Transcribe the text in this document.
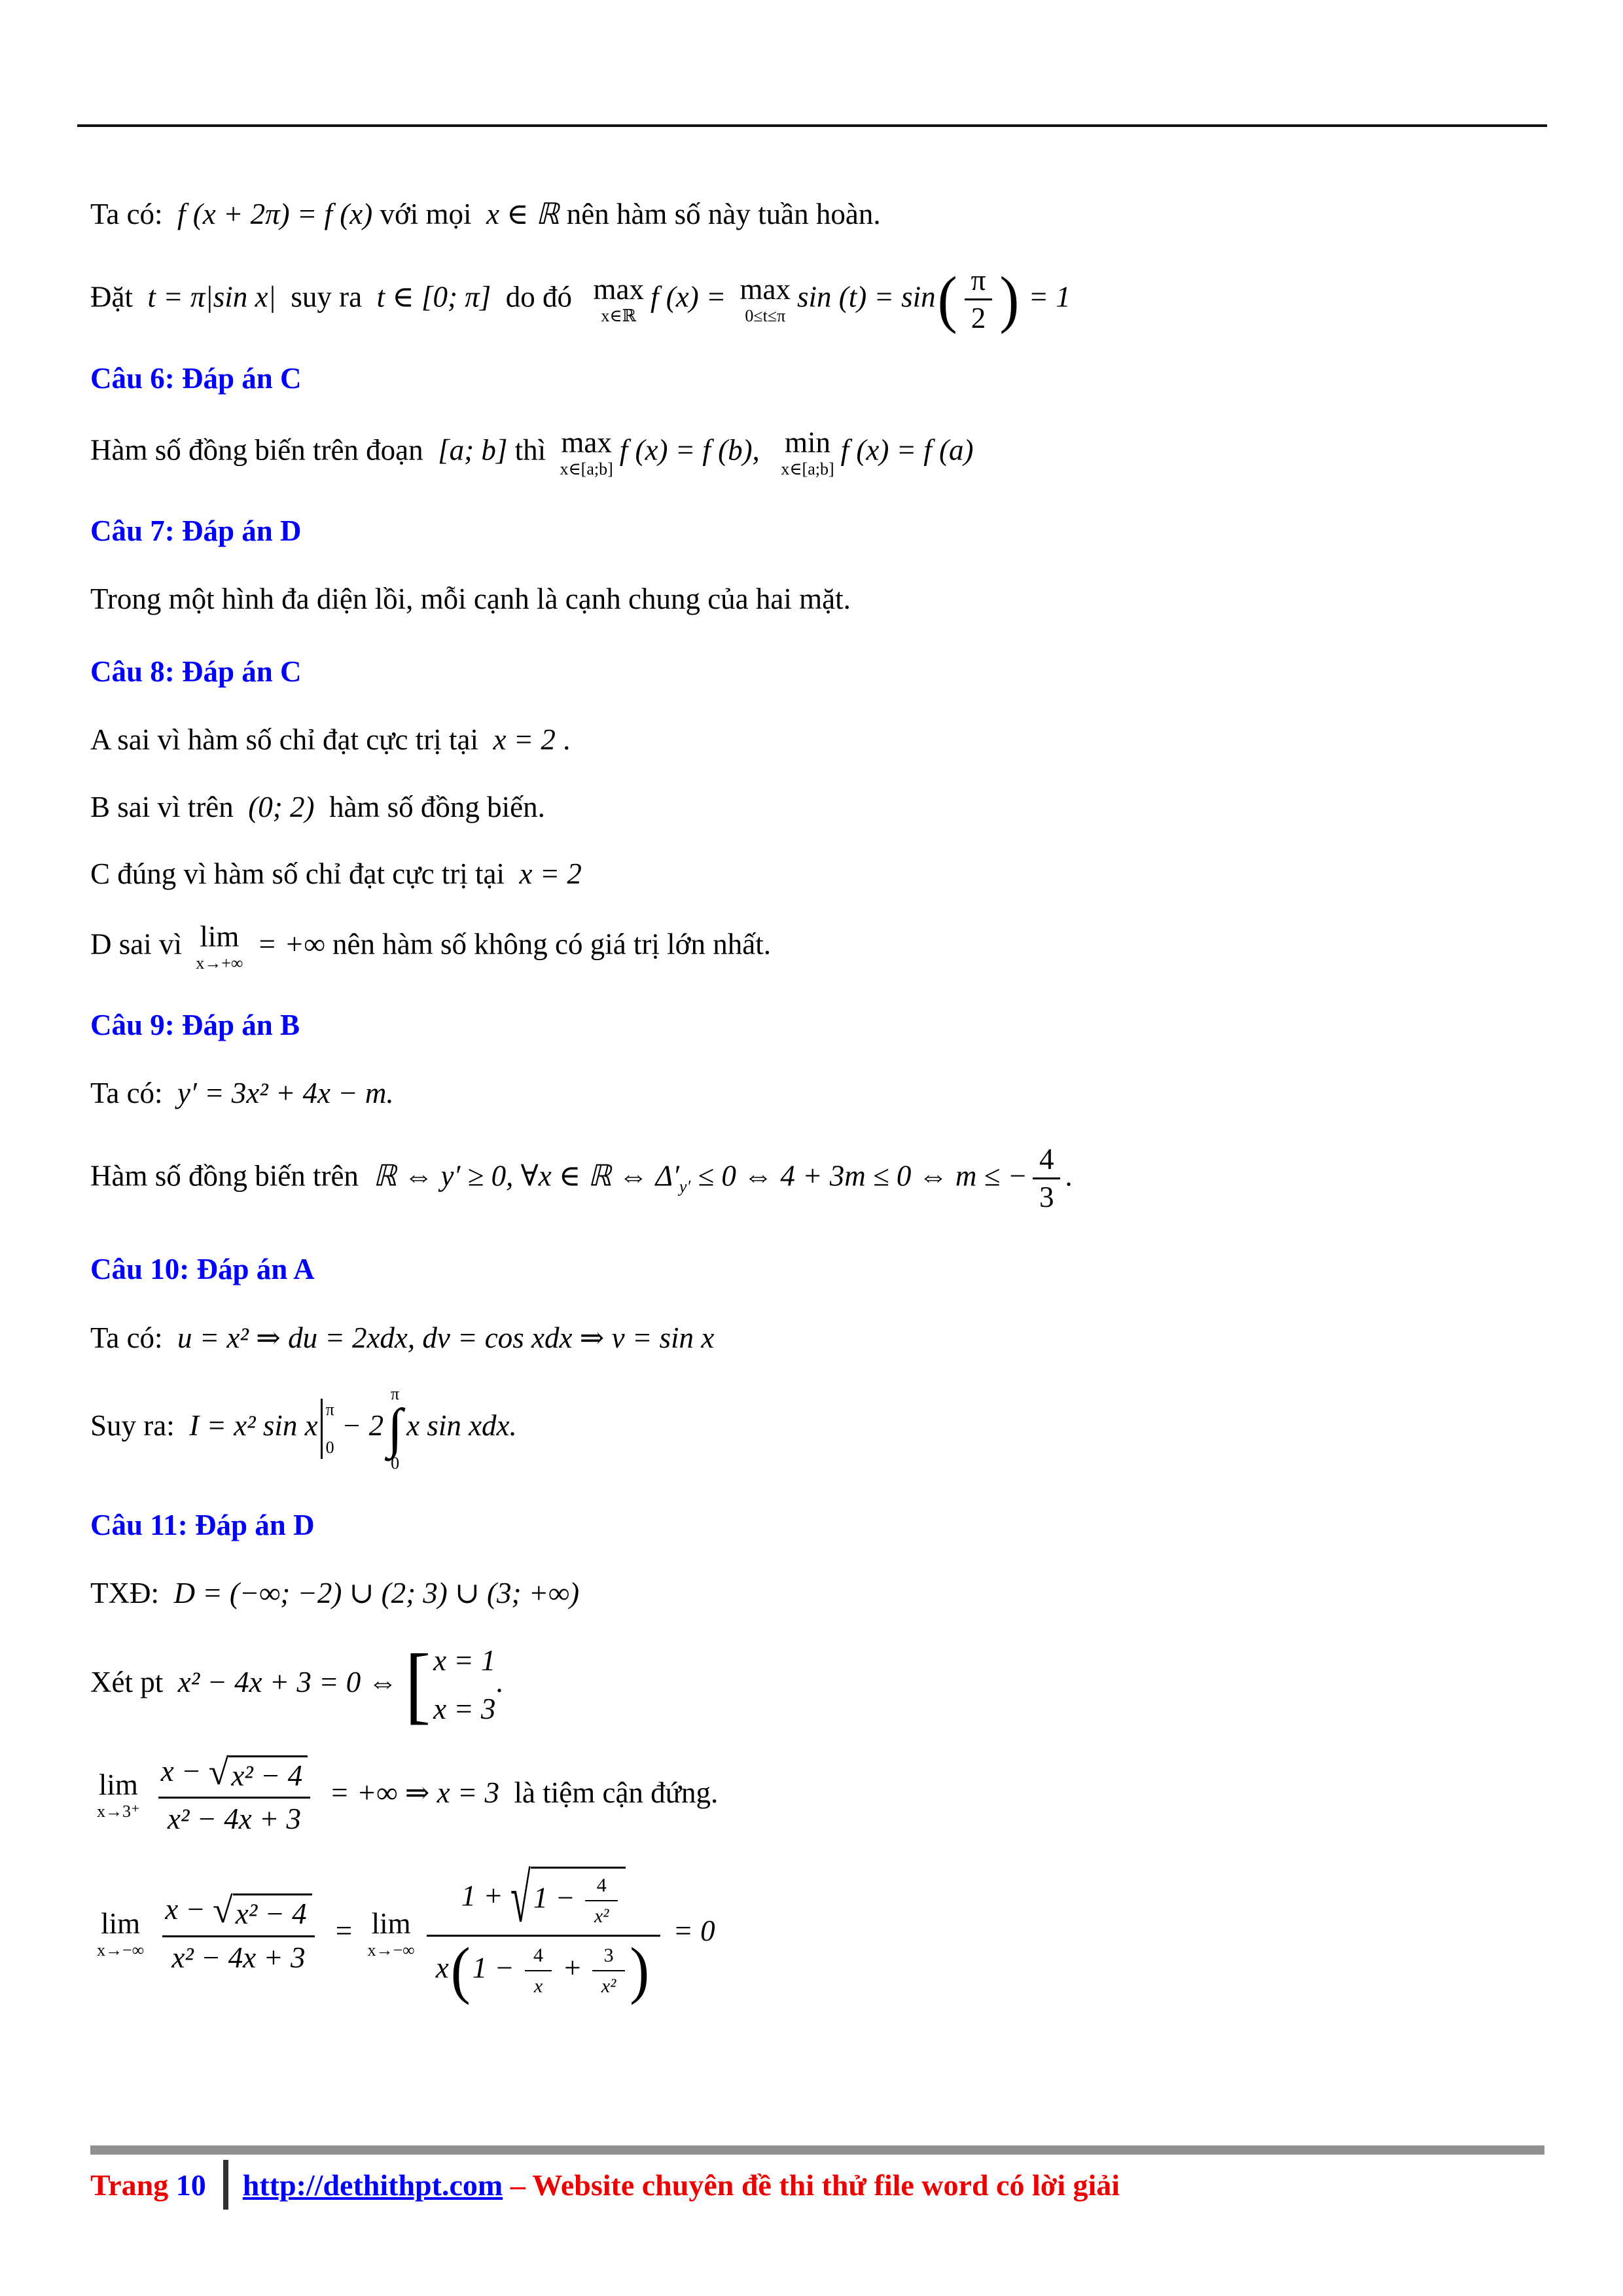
Ta có:  f (x + 2π) = f (x) với mọi  x ∈ ℝ nên hàm số này tuần hoàn.

Đặt  t = π|sin x|  suy ra  t ∈ [0; π]  do đó max
x∈ℝ
f (x) = max
0≤t≤π
$\sin (t) = \sin( \frac{\pi}{2}$ ) = 1

Câu 6: Đáp án C

Hàm số đồng biến trên đoạn  [a; b] thì max
x∈[a;b]
f (x) = f (b), min
x∈[a;b]
f (x) = f (a)

Câu 7: Đáp án D

Trong một hình đa diện lồi, mỗi cạnh là cạnh chung của hai mặt.

Câu 8: Đáp án C

A sai vì hàm số chỉ đạt cực trị tại  x = 2 .

B sai vì trên  (0; 2)  hàm số đồng biến.

C đúng vì hàm số chỉ đạt cực trị tại  x = 2

D sai vì lim
x→+∞
= +∞ nên hàm số không có giá trị lớn nhất.

Câu 9: Đáp án B

Ta có:  y′ = 3x² + 4x − m.

Hàm số đồng biến trên  ℝ ⇔ y′ ≥ 0, ∀x ∈ ℝ ⇔ $\Delta'_{y'} \le 0$ ⇔ 4 + 3m ≤ 0 ⇔ m ≤ − $\frac{4}{3}$ .

Câu 10: Đáp án A

Ta có:  u = x² ⇒ du = 2xdx, dv = cos xdx ⇒ v = sin x

Suy ra:  I = x² sin x π
0
− 2
π
∫
0
x sin xdx.

Câu 11: Đáp án D

TXĐ:  D = (−∞; −2) ∪ (2; 3) ∪ (3; +∞)

Xét pt  x² − 4x + 3 = 0 ⇔ [ x = 1
x = 3
.

lim
$x\to 3^+ \frac{\text{x − √ x² − 4}}{\text{x² − 4x + 3}}$ = +∞ ⇒ x = 3  là tiệm cận đứng.

lim
$x\to-\infty \frac{\text{x − √ x² − 4}}{\text{x² − 4x + 3}} = \lim$
$x\to-\infty \frac{1 + √ 1 - \frac{4}{\text{x²}}}{x(1 - \frac{4}{x} + \frac{3}{\text{x²}} )} = 0$

Trang 10 http://dethithpt.com – Website chuyên đề thi thử file word có lời giải
